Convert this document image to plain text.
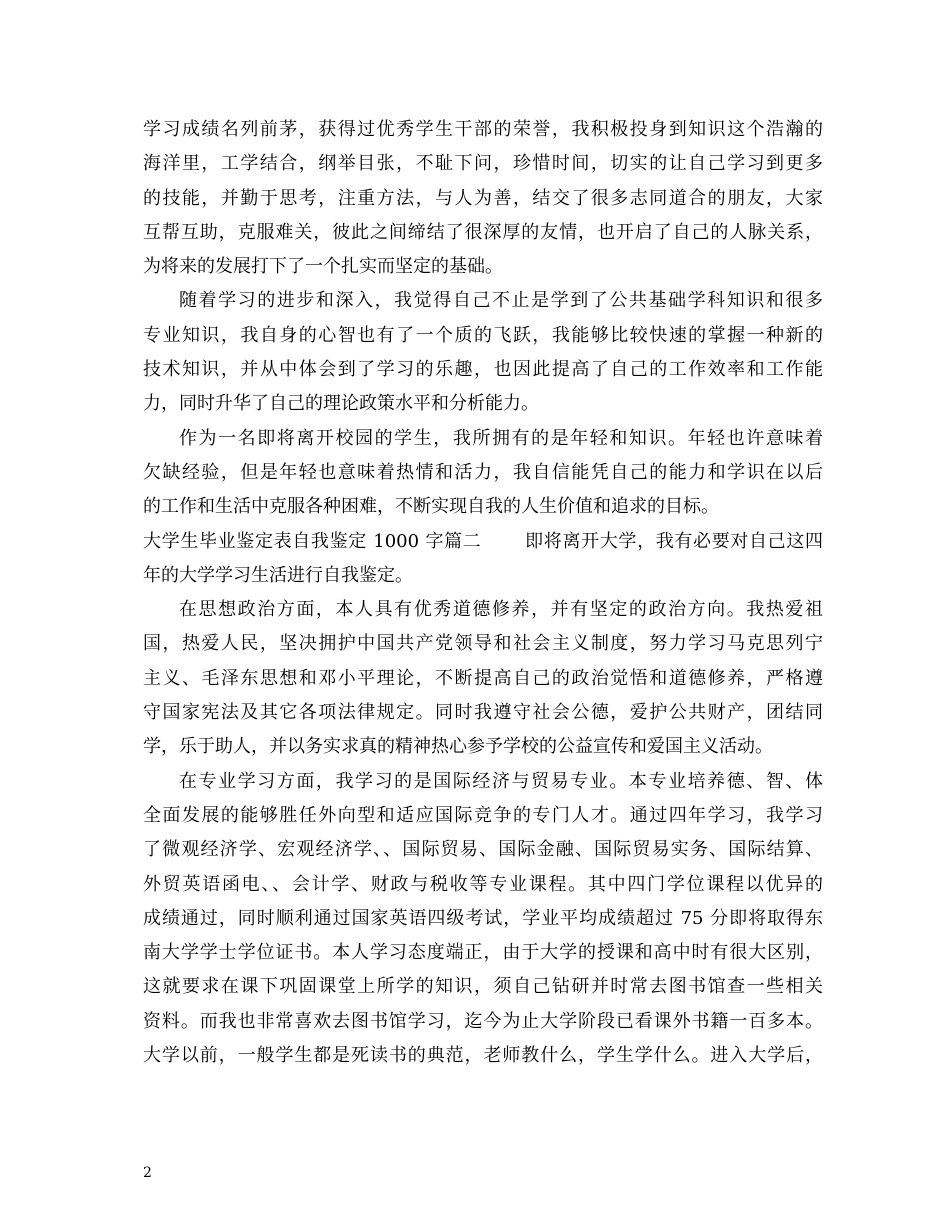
学习成绩名列前茅，获得过优秀学生干部的荣誉，我积极投身到知识这个浩瀚的
海洋里，工学结合，纲举目张，不耻下问，珍惜时间，切实的让自己学习到更多
的技能，并勤于思考，注重方法，与人为善，结交了很多志同道合的朋友，大家
互帮互助，克服难关，彼此之间缔结了很深厚的友情，也开启了自己的人脉关系，
为将来的发展打下了一个扎实而坚定的基础。
随着学习的进步和深入，我觉得自己不止是学到了公共基础学科知识和很多
专业知识，我自身的心智也有了一个质的飞跃，我能够比较快速的掌握一种新的
技术知识，并从中体会到了学习的乐趣，也因此提高了自己的工作效率和工作能
力，同时升华了自己的理论政策水平和分析能力。
作为一名即将离开校园的学生，我所拥有的是年轻和知识。年轻也许意味着
欠缺经验，但是年轻也意味着热情和活力，我自信能凭自己的能力和学识在以后
的工作和生活中克服各种困难，不断实现自我的人生价值和追求的目标。
大学生毕业鉴定表自我鉴定 1000 字篇二 　　即将离开大学，我有必要对自己这四
年的大学学习生活进行自我鉴定。
在思想政治方面，本人具有优秀道德修养，并有坚定的政治方向。我热爱祖
国，热爱人民，坚决拥护中国共产党领导和社会主义制度，努力学习马克思列宁
主义、毛泽东思想和邓小平理论，不断提高自己的政治觉悟和道德修养，严格遵
守国家宪法及其它各项法律规定。同时我遵守社会公德，爱护公共财产，团结同
学，乐于助人，并以务实求真的精神热心参予学校的公益宣传和爱国主义活动。
在专业学习方面，我学习的是国际经济与贸易专业。本专业培养德、智、体
全面发展的能够胜任外向型和适应国际竞争的专门人才。通过四年学习，我学习
了微观经济学、宏观经济学、、国际贸易、国际金融、国际贸易实务、国际结算、
外贸英语函电、、会计学、财政与税收等专业课程。其中四门学位课程以优异的
成绩通过，同时顺利通过国家英语四级考试，学业平均成绩超过 75 分即将取得东
南大学学士学位证书。本人学习态度端正，由于大学的授课和高中时有很大区别，
这就要求在课下巩固课堂上所学的知识，须自己钻研并时常去图书馆查一些相关
资料。而我也非常喜欢去图书馆学习，迄今为止大学阶段已看课外书籍一百多本。
大学以前，一般学生都是死读书的典范，老师教什么，学生学什么。进入大学后，
2
